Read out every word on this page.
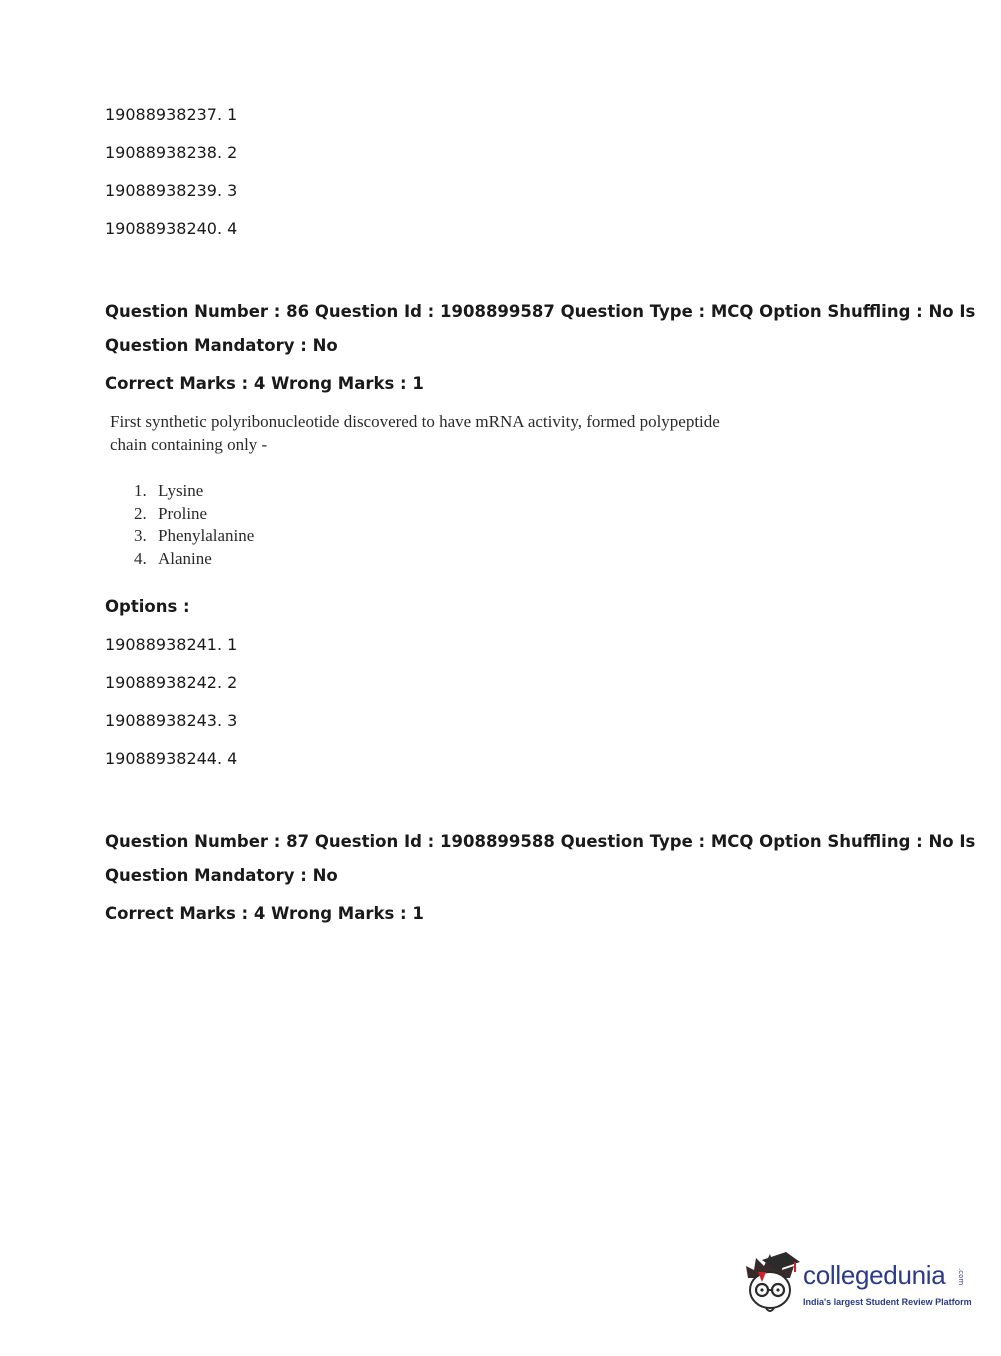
19088938237. 1
19088938238. 2
19088938239. 3
19088938240. 4
Question Number : 86 Question Id : 1908899587 Question Type : MCQ Option Shuffling : No Is
Question Mandatory : No
Correct Marks : 4 Wrong Marks : 1
First synthetic polyribonucleotide discovered to have mRNA activity, formed polypeptide chain containing only -
1. Lysine
2. Proline
3. Phenylalanine
4. Alanine
Options :
19088938241. 1
19088938242. 2
19088938243. 3
19088938244. 4
Question Number : 87 Question Id : 1908899588 Question Type : MCQ Option Shuffling : No Is
Question Mandatory : No
Correct Marks : 4 Wrong Marks : 1
collegedunia .com
India's largest Student Review Platform
